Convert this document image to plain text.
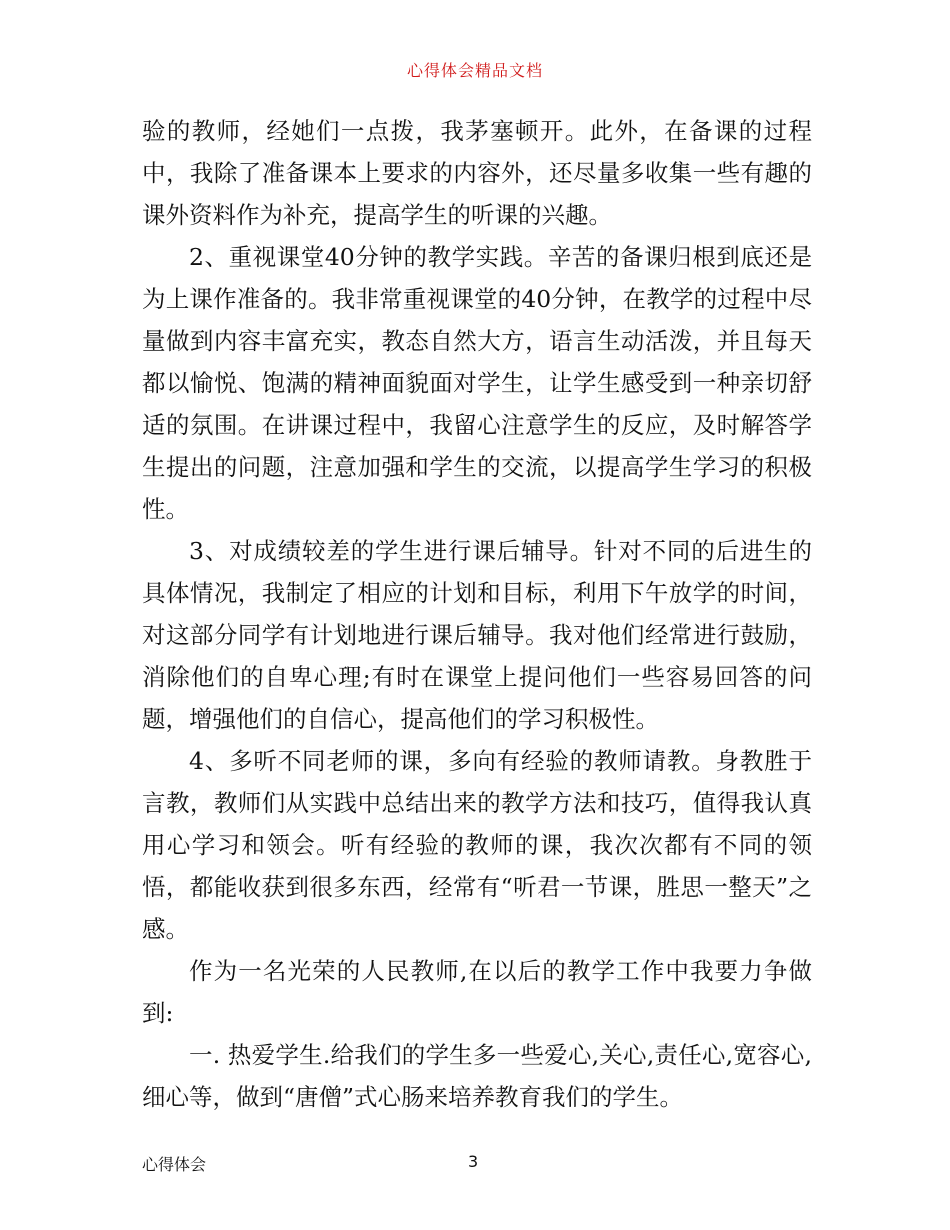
心得体会精品文档

验的教师，经她们一点拨，我茅塞顿开。此外，在备课的过程中，我除了准备课本上要求的内容外，还尽量多收集一些有趣的课外资料作为补充，提高学生的听课的兴趣。

2、重视课堂40分钟的教学实践。辛苦的备课归根到底还是为上课作准备的。我非常重视课堂的40分钟，在教学的过程中尽量做到内容丰富充实，教态自然大方，语言生动活泼，并且每天都以愉悦、饱满的精神面貌面对学生，让学生感受到一种亲切舒适的氛围。在讲课过程中，我留心注意学生的反应，及时解答学生提出的问题，注意加强和学生的交流，以提高学生学习的积极性。

3、对成绩较差的学生进行课后辅导。针对不同的后进生的具体情况，我制定了相应的计划和目标，利用下午放学的时间，对这部分同学有计划地进行课后辅导。我对他们经常进行鼓励，消除他们的自卑心理;有时在课堂上提问他们一些容易回答的问题，增强他们的自信心，提高他们的学习积极性。

4、多听不同老师的课，多向有经验的教师请教。身教胜于言教，教师们从实践中总结出来的教学方法和技巧，值得我认真用心学习和领会。听有经验的教师的课，我次次都有不同的领悟，都能收获到很多东西，经常有“听君一节课，胜思一整天”之感。

作为一名光荣的人民教师,在以后的教学工作中我要力争做到:

一. 热爱学生.给我们的学生多一些爱心,关心,责任心,宽容心,细心等，做到“唐僧”式心肠来培养教育我们的学生。

心得体会	3
